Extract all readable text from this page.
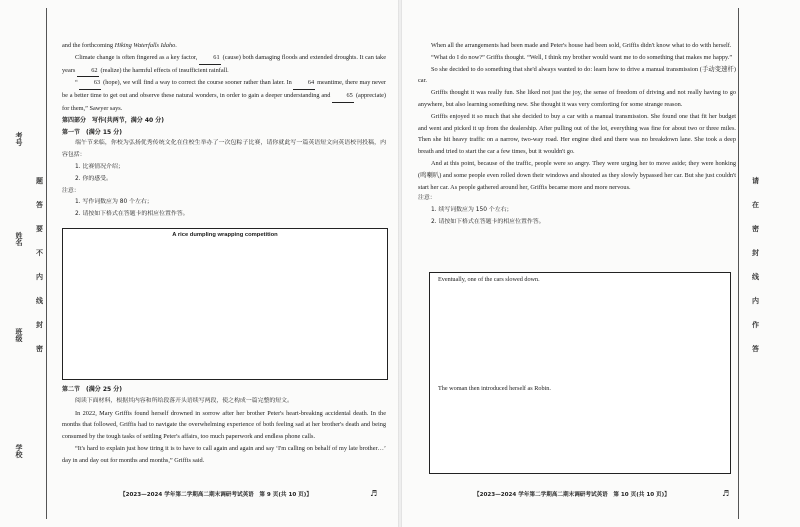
考号
姓名
班级
学校
题
答
要
不
内
线
封
密
请
在
密
封
线
内
作
答
and the forthcoming Hiking Waterfalls Idaho.
Climate change is often fingered as a key factor, 61 (cause) both damaging floods and extended droughts. It can take years 62 (realize) the harmful effects of insufficient rainfall.
“ 63 (hope), we will find a way to correct the course sooner rather than later. In 64 meantime, there may never be a better time to get out and observe these natural wonders, in order to gain a deeper understanding and 65 (appreciate) for them,” Sawyer says.
第四部分　写作(共两节，满分 40 分)
第一节　(满分 15 分)
端午节来临，你校为弘扬优秀传统文化在住校生举办了一次包粽子比赛，请你就此写一篇英语短文向英语校刊投稿，内容包括：
1. 比赛情况介绍；
2. 你的感受。
注意：
1. 写作词数应为 80 个左右；
2. 请按如下格式在答题卡的相应位置作答。
A rice dumpling wrapping competition
第二节　(满分 25 分)
阅读下面材料，根据其内容和所给段落开头语续写两段，使之构成一篇完整的短文。
In 2022, Mary Griffis found herself drowned in sorrow after her brother Peter's heart-breaking accidental death. In the months that followed, Griffis had to navigate the overwhelming experience of both feeling sad at her brother's death and being consumed by the tough tasks of settling Peter's affairs, too much paperwork and endless phone calls.
“It's hard to explain just how tiring it is to have to call again and again and say ‘I'm calling on behalf of my late brother…’ day in and day out for months and months,” Griffis said.
【2023—2024 学年第二学期高二期末调研考试英语　第 9 页(共 10 页)】	♬
When all the arrangements had been made and Peter's house had been sold, Griffis didn't know what to do with herself.
“What do I do now?” Griffis thought. “Well, I think my brother would want me to do something that makes me happy.”
So she decided to do something that she'd always wanted to do: learn how to drive a manual transmission (手动变速杆) car.
Griffis thought it was really fun. She liked not just the joy, the sense of freedom of driving and not really having to go anywhere, but also learning something new. She thought it was very comforting for some strange reason.
Griffis enjoyed it so much that she decided to buy a car with a manual transmission. She found one that fit her budget and went and picked it up from the dealership. After pulling out of the lot, everything was fine for about two or three miles. Then she hit heavy traffic on a narrow, two-way road. Her engine died and there was no breakdown lane. She took a deep breath and tried to start the car a few times, but it wouldn't go.
And at this point, because of the traffic, people were so angry. They were urging her to move aside; they were honking (鸣喇叭) and some people even rolled down their windows and shouted as they slowly bypassed her car. But she just couldn't start her car. As people gathered around her, Griffis became more and more nervous.
注意：
1. 续写词数应为 150 个左右；
2. 请按如下格式在答题卡的相应位置作答。
Eventually, one of the cars slowed down.
The woman then introduced herself as Robin.
【2023—2024 学年第二学期高二期末调研考试英语　第 10 页(共 10 页)】	♬
